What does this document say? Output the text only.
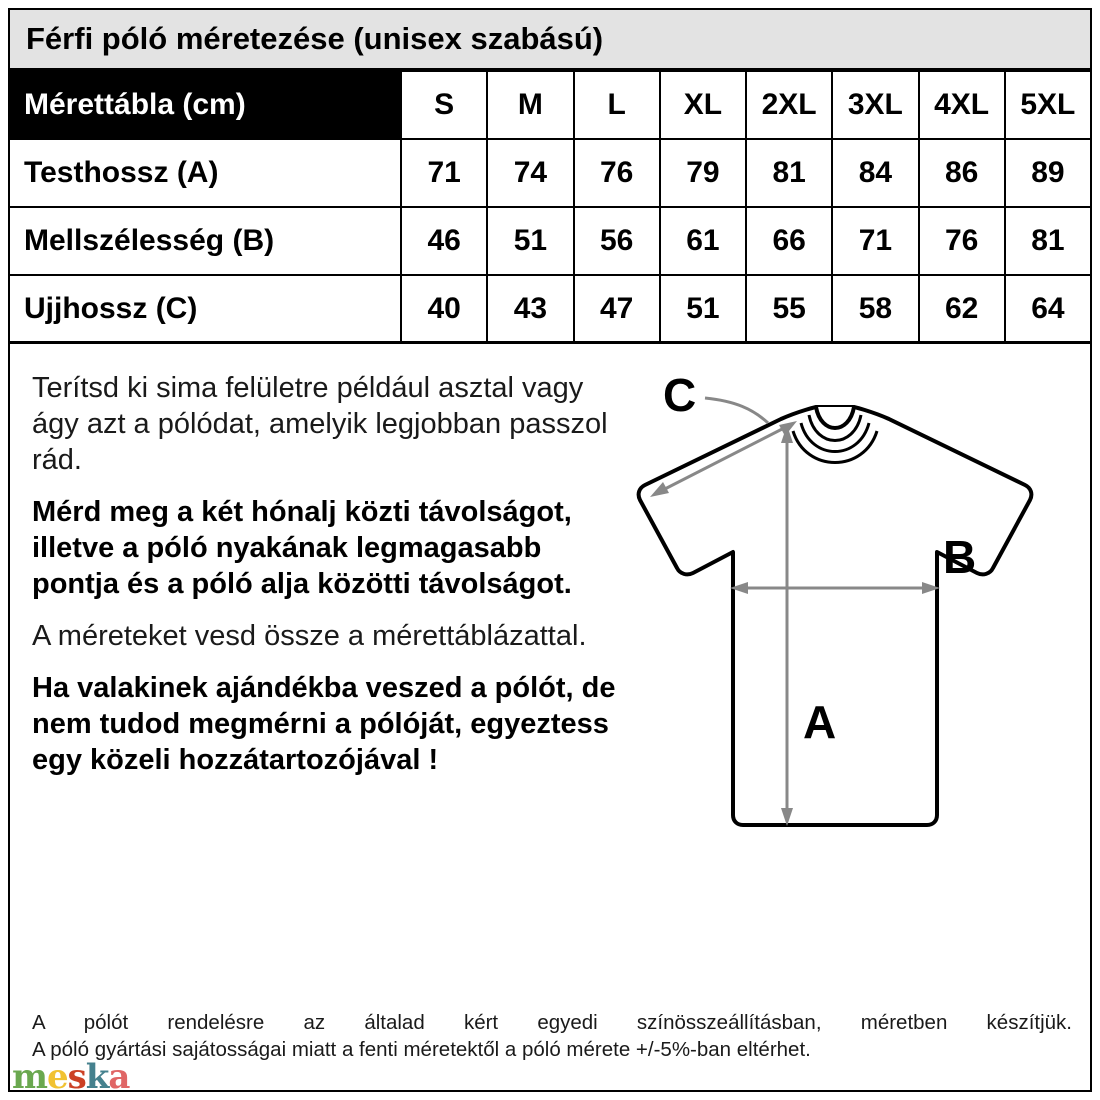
Férfi póló méretezése (unisex szabású)
Mérettábla (cm)	S	M	L	XL	2XL	3XL	4XL	5XL
Testhossz (A)	71	74	76	79	81	84	86	89
Mellszélesség (B)	46	51	56	61	66	71	76	81
Ujjhossz (C)	40	43	47	51	55	58	62	64

Terítsd ki sima felületre például asztal vagy ágy azt a pólódat, amelyik legjobban passzol rád.

Mérd meg a két hónalj közti távolságot, illetve a póló nyakának legmagasabb pontja és a póló alja közötti távolságot.

A méreteket vesd össze a mérettáblázattal.

Ha valakinek ajándékba veszed a pólót, de nem tudod megmérni a pólóját, egyeztess egy közeli hozzátartozójával !

B
A
C
A pólót rendelésre az általad kért egyedi színösszeállításban, méretben készítjük.
A póló gyártási sajátosságai miatt a fenti méretektől a póló mérete +/-5%-ban eltérhet.
meska
